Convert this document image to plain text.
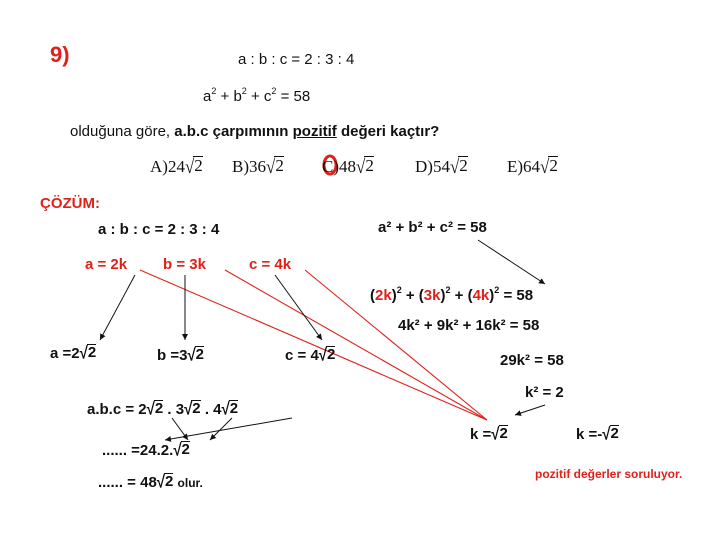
9)	a : b : c = 2 : 3 : 4
$a^2 + b^2 + c^2 = 58$
olduğuna göre, a.b.c çarpımının pozitif değeri kaçtır?
A)24 √ 2 B)36 √ 2 C)48 √ 2 D)54 √ 2 E)64 √ 2
ÇÖZÜM:
a : b : c = 2 : 3 : 4	a² + b² + c² = 58
a = 2k b = 3k	c = 4k
$(2k)^2 + (3k)^2 + (4k)^2 = 58$
4k² + 9k² + 16k² = 58
29k² = 58
k² = 2
k = √ 2	k =- √ 2
a =2 √ 2	b =3 √ 2	c = 4 √ 2
a.b.c = 2 √ 2 . 3 √ 2 . 4 √ 2
...... =24.2. √ 2
...... = 48 √ 2 olur.
pozitif değerler soruluyor.
